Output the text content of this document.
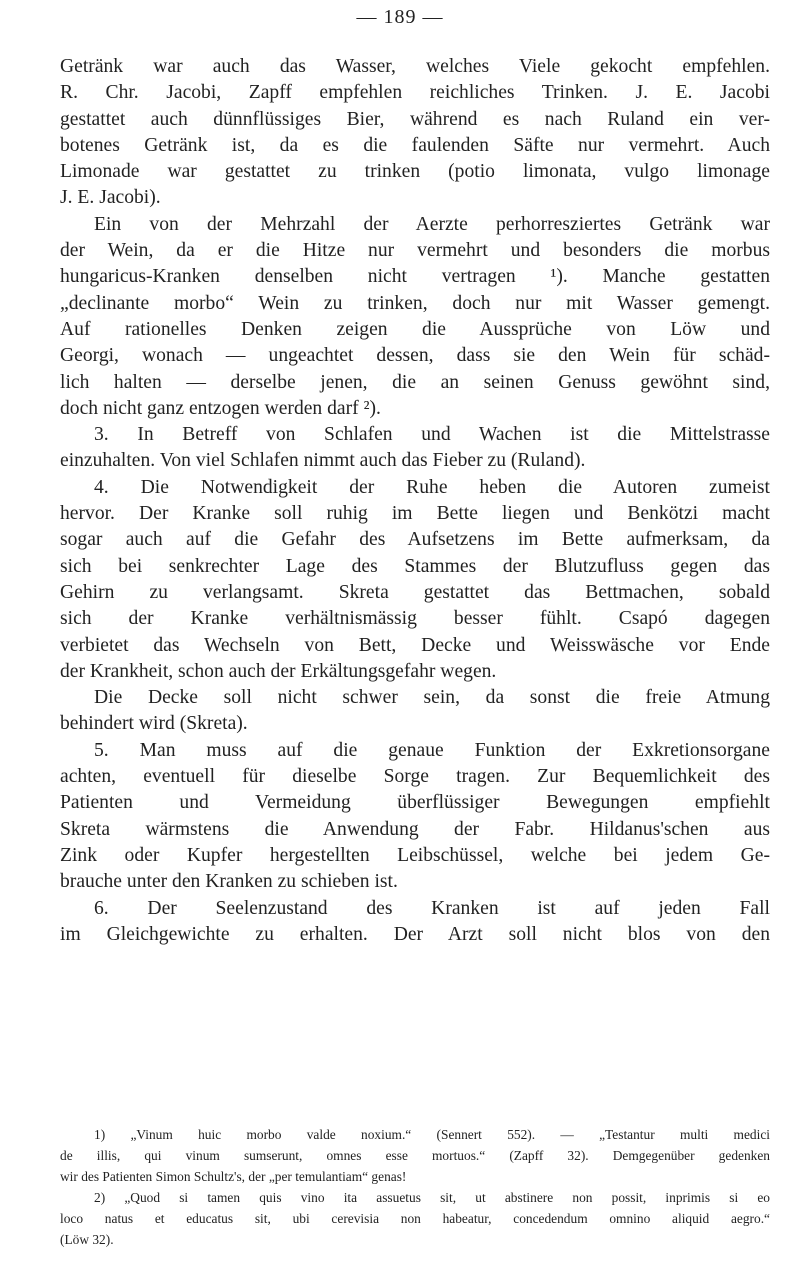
— 189 —
Getränk war auch das Wasser, welches Viele gekocht empfehlen.
R. Chr. Jacobi, Zapff empfehlen reichliches Trinken. J. E. Jacobi
gestattet auch dünnflüssiges Bier, während es nach Ruland ein ver-
botenes Getränk ist, da es die faulenden Säfte nur vermehrt. Auch
Limonade war gestattet zu trinken (potio limonata, vulgo limonage
J. E. Jacobi).
Ein von der Mehrzahl der Aerzte perhorresziertes Getränk war
der Wein, da er die Hitze nur vermehrt und besonders die morbus
hungaricus-Kranken denselben nicht vertragen ¹). Manche gestatten
„declinante morbo“ Wein zu trinken, doch nur mit Wasser gemengt.
Auf rationelles Denken zeigen die Aussprüche von Löw und
Georgi, wonach — ungeachtet dessen, dass sie den Wein für schäd-
lich halten — derselbe jenen, die an seinen Genuss gewöhnt sind,
doch nicht ganz entzogen werden darf ²).
3. In Betreff von Schlafen und Wachen ist die Mittelstrasse
einzuhalten. Von viel Schlafen nimmt auch das Fieber zu (Ruland).
4. Die Notwendigkeit der Ruhe heben die Autoren zumeist
hervor. Der Kranke soll ruhig im Bette liegen und Benkötzi macht
sogar auch auf die Gefahr des Aufsetzens im Bette aufmerksam, da
sich bei senkrechter Lage des Stammes der Blutzufluss gegen das
Gehirn zu verlangsamt. Skreta gestattet das Bettmachen, sobald
sich der Kranke verhältnismässig besser fühlt. Csapó dagegen
verbietet das Wechseln von Bett, Decke und Weisswäsche vor Ende
der Krankheit, schon auch der Erkältungsgefahr wegen.
Die Decke soll nicht schwer sein, da sonst die freie Atmung
behindert wird (Skreta).
5. Man muss auf die genaue Funktion der Exkretionsorgane
achten, eventuell für dieselbe Sorge tragen. Zur Bequemlichkeit des
Patienten und Vermeidung überflüssiger Bewegungen empfiehlt
Skreta wärmstens die Anwendung der Fabr. Hildanus'schen aus
Zink oder Kupfer hergestellten Leibschüssel, welche bei jedem Ge-
brauche unter den Kranken zu schieben ist.
6. Der Seelenzustand des Kranken ist auf jeden Fall
im Gleichgewichte zu erhalten. Der Arzt soll nicht blos von den
1) „Vinum huic morbo valde noxium.“ (Sennert 552). — „Testantur multi medici
de illis, qui vinum sumserunt, omnes esse mortuos.“ (Zapff 32). Demgegenüber gedenken
wir des Patienten Simon Schultz's, der „per temulantiam“ genas!
2) „Quod si tamen quis vino ita assuetus sit, ut abstinere non possit, inprimis si eo
loco natus et educatus sit, ubi cerevisia non habeatur, concedendum omnino aliquid aegro.“
(Löw 32).
